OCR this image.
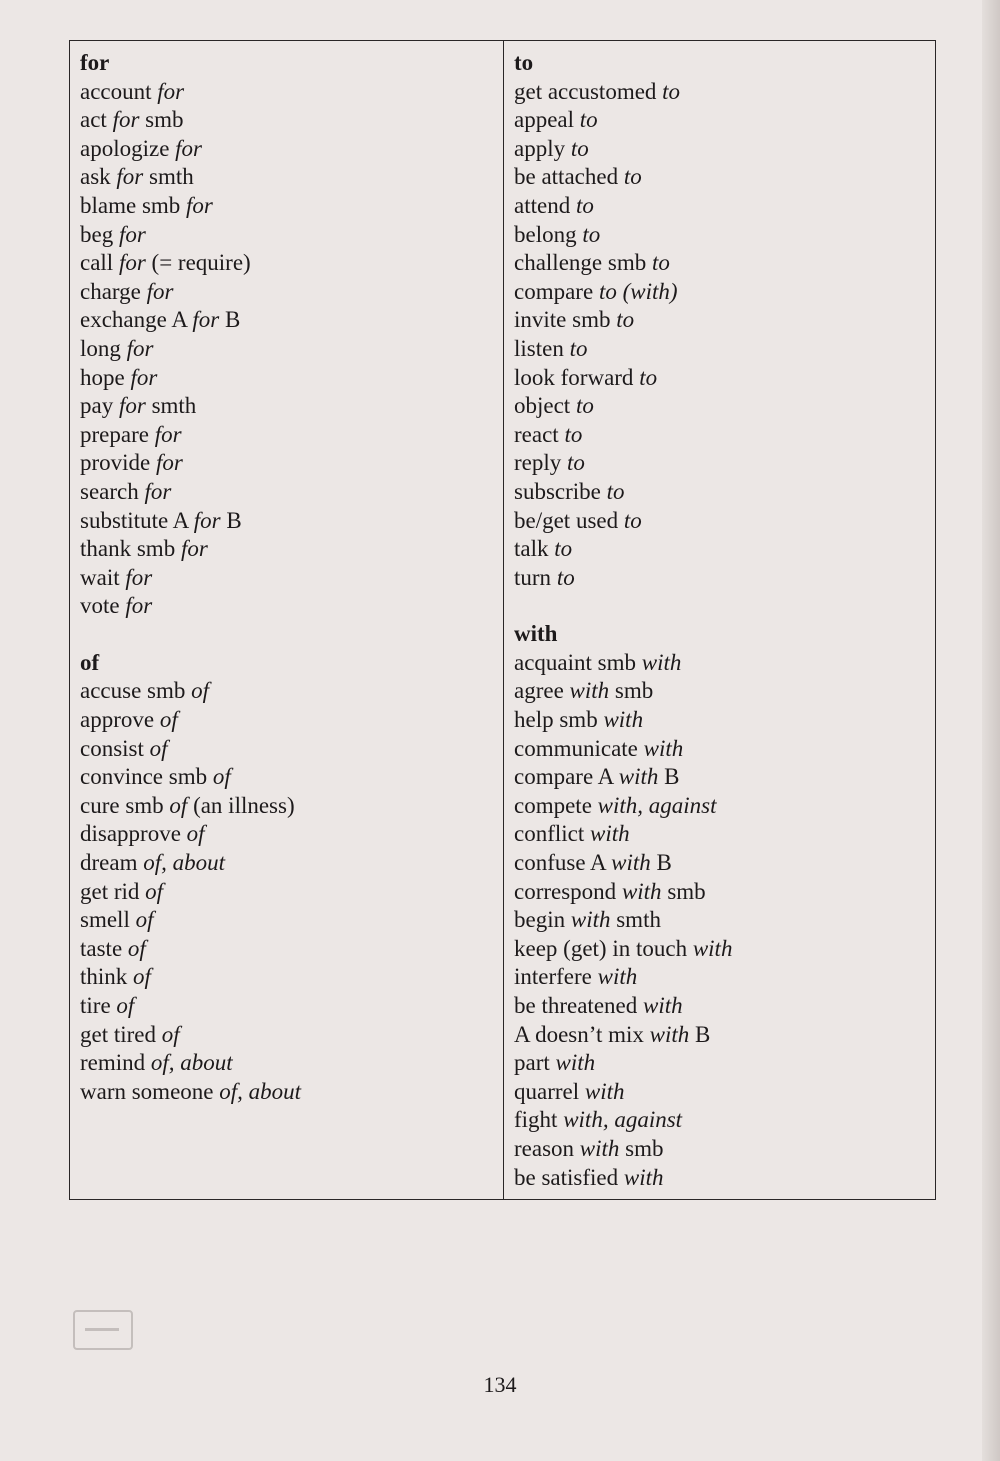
for
account for
act for smb
apologize for
ask for smth
blame smb for
beg for
call for (= require)
charge for
exchange A for B
long for
hope for
pay for smth
prepare for
provide for
search for
substitute A for B
thank smb for
wait for
vote for
of
accuse smb of
approve of
consist of
convince smb of
cure smb of (an illness)
disapprove of
dream of, about
get rid of
smell of
taste of
think of
tire of
get tired of
remind of, about
warn someone of, about
to
get accustomed to
appeal to
apply to
be attached to
attend to
belong to
challenge smb to
compare to (with)
invite smb to
listen to
look forward to
object to
react to
reply to
subscribe to
be/get used to
talk to
turn to
with
acquaint smb with
agree with smb
help smb with
communicate with
compare A with B
compete with, against
conflict with
confuse A with B
correspond with smb
begin with smth
keep (get) in touch with
interfere with
be threatened with
A doesn’t mix with B
part with
quarrel with
fight with, against
reason with smb
be satisfied with
134
